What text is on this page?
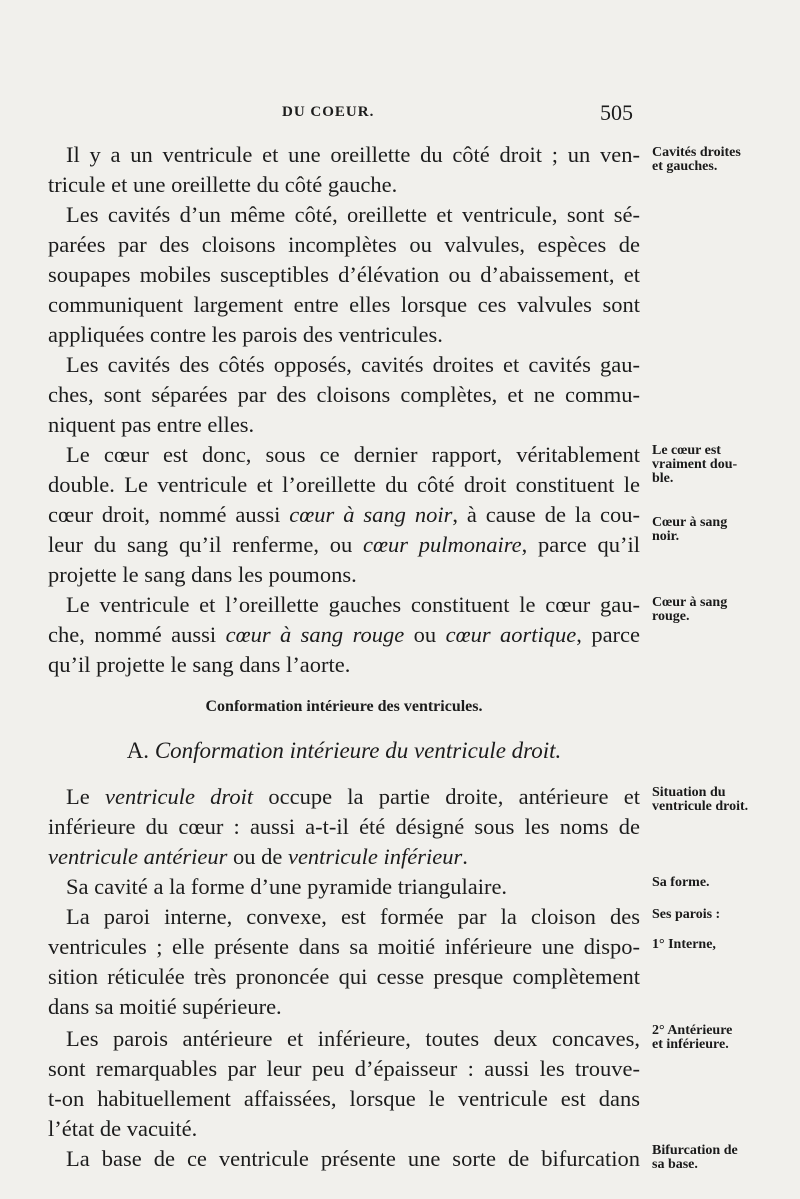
DU COEUR.	505
Il y a un ventricule et une oreillette du côté droit ; un ven-
tricule et une oreillette du côté gauche.
Les cavités d’un même côté, oreillette et ventricule, sont sé-
parées par des cloisons incomplètes ou valvules, espèces de
soupapes mobiles susceptibles d’élévation ou d’abaissement, et
communiquent largement entre elles lorsque ces valvules sont
appliquées contre les parois des ventricules.
Les cavités des côtés opposés, cavités droites et cavités gau-
ches, sont séparées par des cloisons complètes, et ne commu-
niquent pas entre elles.
Le cœur est donc, sous ce dernier rapport, véritablement
double. Le ventricule et l’oreillette du côté droit constituent le
cœur droit, nommé aussi cœur à sang noir, à cause de la cou-
leur du sang qu’il renferme, ou cœur pulmonaire, parce qu’il
projette le sang dans les poumons.
Le ventricule et l’oreillette gauches constituent le cœur gau-
che, nommé aussi cœur à sang rouge ou cœur aortique, parce
qu’il projette le sang dans l’aorte.
Conformation intérieure des ventricules.
A. Conformation intérieure du ventricule droit.
Le ventricule droit occupe la partie droite, antérieure et
inférieure du cœur : aussi a-t-il été désigné sous les noms de
ventricule antérieur ou de ventricule inférieur.
Sa cavité a la forme d’une pyramide triangulaire.
La paroi interne, convexe, est formée par la cloison des
ventricules ; elle présente dans sa moitié inférieure une dispo-
sition réticulée très prononcée qui cesse presque complètement
dans sa moitié supérieure.
Les parois antérieure et inférieure, toutes deux concaves,
sont remarquables par leur peu d’épaisseur : aussi les trouve-
t-on habituellement affaissées, lorsque le ventricule est dans
l’état de vacuité.
La base de ce ventricule présente une sorte de bifurcation
Cavités droites
et gauches.
Le cœur est
vraiment dou-
ble.
Cœur à sang
noir.
Cœur à sang
rouge.
Situation du
ventricule droit.
Sa forme.
Ses parois :
1° Interne,
2° Antérieure
et inférieure.
Bifurcation de
sa base.
